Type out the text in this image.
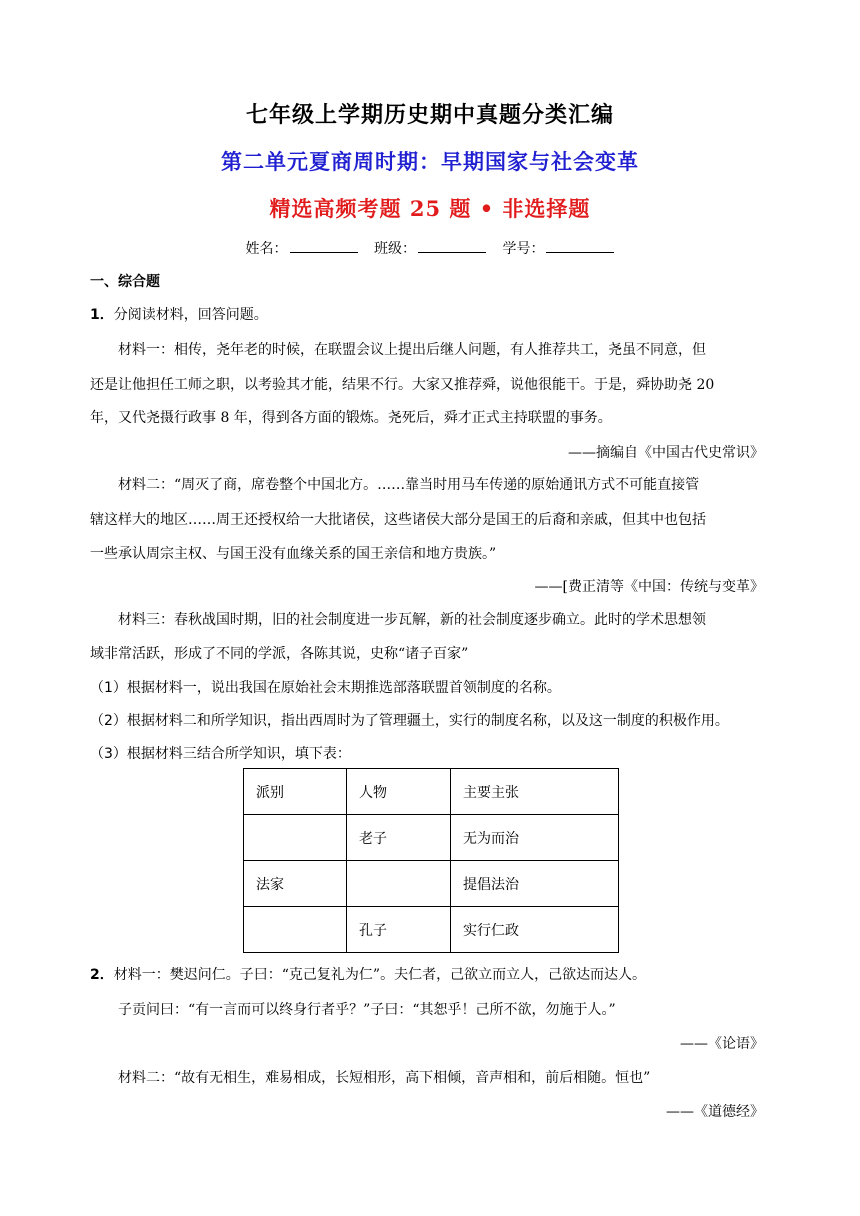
七年级上学期历史期中真题分类汇编
第二单元夏商周时期：早期国家与社会变革
精选高频考题 25 题 • 非选择题
姓名：	班级：	学号：
一、综合题
1．分阅读材料，回答问题。
材料一：相传，尧年老的时候，在联盟会议上提出后继人问题，有人推荐共工，尧虽不同意，但
还是让他担任工师之职，以考验其才能，结果不行。大家又推荐舜，说他很能干。于是，舜协助尧 20
年，又代尧摄行政事 8 年，得到各方面的锻炼。尧死后，舜才正式主持联盟的事务。
——摘编自《中国古代史常识》
材料二：“周灭了商，席卷整个中国北方。……靠当时用马车传递的原始通讯方式不可能直接管
辖这样大的地区……周王还授权给一大批诸侯，这些诸侯大部分是国王的后裔和亲戚，但其中也包括
一些承认周宗主权、与国王没有血缘关系的国王亲信和地方贵族。”
——[费正清等《中国：传统与变革》
材料三：春秋战国时期，旧的社会制度进一步瓦解，新的社会制度逐步确立。此时的学术思想领
域非常活跃，形成了不同的学派，各陈其说，史称“诸子百家”
（1）根据材料一，说出我国在原始社会末期推选部落联盟首领制度的名称。
（2）根据材料二和所学知识，指出西周时为了管理疆土，实行的制度名称，以及这一制度的积极作用。
（3）根据材料三结合所学知识，填下表：
派别	人物	主要主张
	老子	无为而治
法家		提倡法治
	孔子	实行仁政
2．材料一：樊迟问仁。子曰：“克己复礼为仁”。夫仁者，己欲立而立人，己欲达而达人。
子贡问曰：“有一言而可以终身行者乎？”子曰：“其恕乎！己所不欲，勿施于人。”
——《论语》
材料二：“故有无相生，难易相成，长短相形，高下相倾，音声相和，前后相随。恒也”
——《道德经》
